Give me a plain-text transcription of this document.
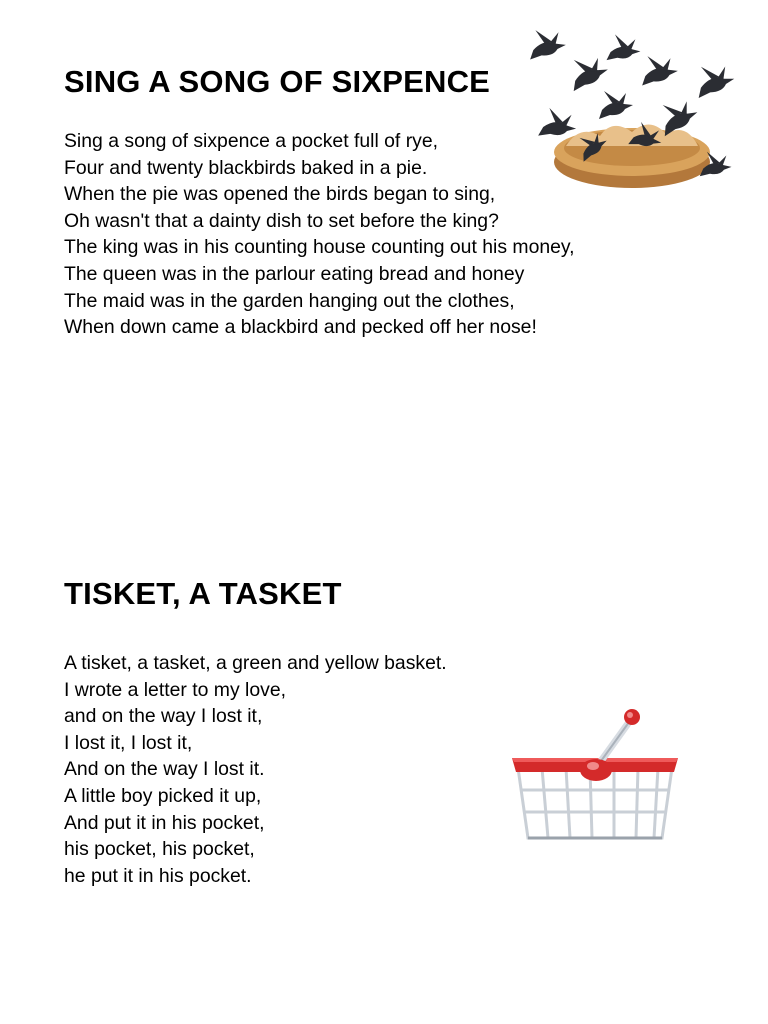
SING A SONG OF SIXPENCE
Sing a song of sixpence a pocket full of rye,
Four and twenty blackbirds baked in a pie.
When the pie was opened the birds began to sing,
Oh wasn't that a dainty dish to set before the king?
The king was in his counting house counting out his money,
The queen was in the parlour eating bread and honey
The maid was in the garden hanging out the clothes,
When down came a blackbird and pecked off her nose!
TISKET, A TASKET
A tisket, a tasket, a green and yellow basket.
I wrote a letter to my love,
and on the way I lost it,
I lost it, I lost it,
And on the way I lost it.
A little boy picked it up,
And put it in his pocket,
his pocket, his pocket,
he put it in his pocket.
